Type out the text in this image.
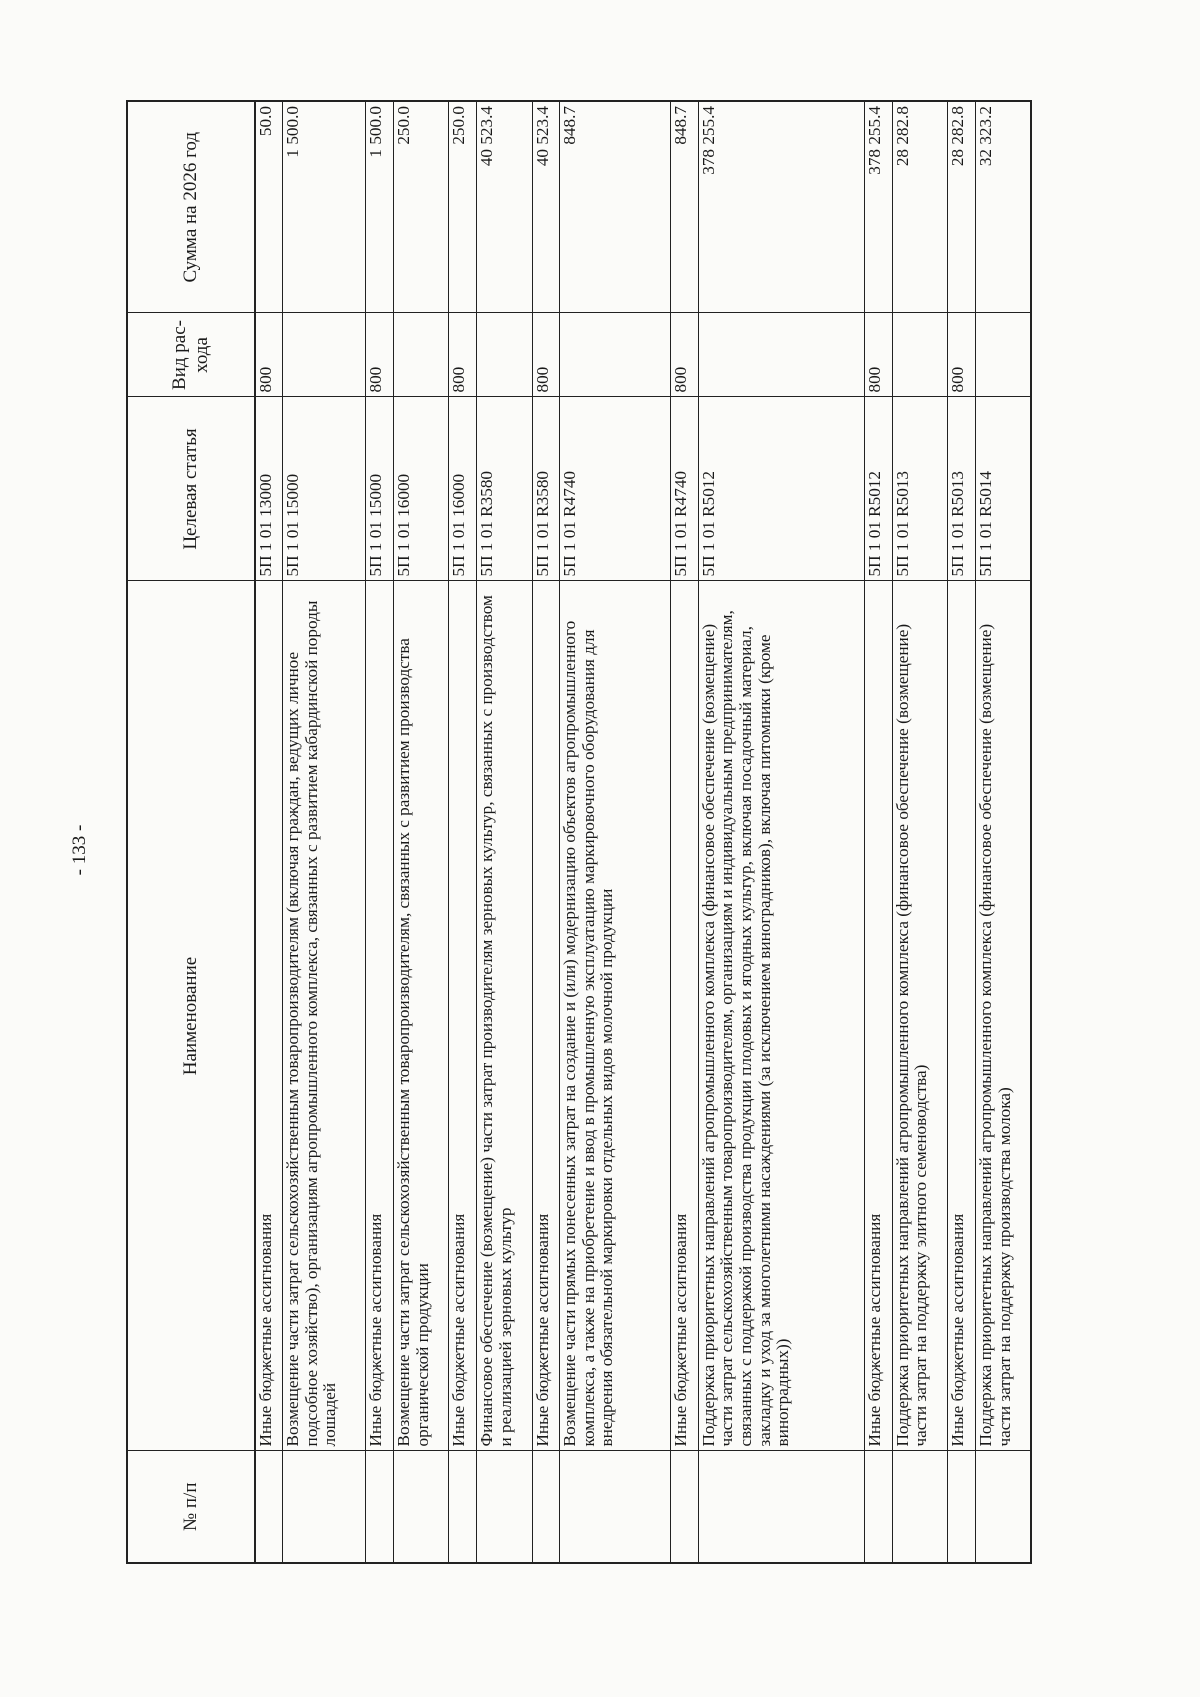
- 133 -
№ п/п	Наименование	Целевая статья	Вид рас- хода	Сумма на 2026 год
	Иные бюджетные ассигнования	5П 1 01 13000	800	50.0
	Возмещение части затрат сельскохозяйственным товаропроизводителям (включая граждан, ведущих личное подсобное хозяйство), организациям агропромышленного комплекса, связанных с развитием кабардинской породы лошадей	5П 1 01 15000		1 500.0
	Иные бюджетные ассигнования	5П 1 01 15000	800	1 500.0
	Возмещение части затрат сельскохозяйственным товаропроизводителям, связанных с развитием производства органической продукции	5П 1 01 16000		250.0
	Иные бюджетные ассигнования	5П 1 01 16000	800	250.0
	Финансовое обеспечение (возмещение) части затрат производителям зерновых культур, связанных с производством и реализацией зерновых культур	5П 1 01 R3580		40 523.4
	Иные бюджетные ассигнования	5П 1 01 R3580	800	40 523.4
	Возмещение части прямых понесенных затрат на создание и (или) модернизацию объектов агропромышленного комплекса, а также на приобретение и ввод в промышленную эксплуатацию маркировочного оборудования для внедрения обязательной маркировки отдельных видов молочной продукции	5П 1 01 R4740		848.7
	Иные бюджетные ассигнования	5П 1 01 R4740	800	848.7
	Поддержка приоритетных направлений агропромышленного комплекса (финансовое обеспечение (возмещение) части затрат сельскохозяйственным товаропроизводителям, организациям и индивидуальным предпринимателям, связанных с поддержкой производства продукции плодовых и ягодных культур, включая посадочный материал, закладку и уход за многолетними насаждениями (за исключением виноградников), включая питомники (кроме виноградных))	5П 1 01 R5012		378 255.4
	Иные бюджетные ассигнования	5П 1 01 R5012	800	378 255.4
	Поддержка приоритетных направлений агропромышленного комплекса (финансовое обеспечение (возмещение) части затрат на поддержку элитного семеноводства)	5П 1 01 R5013		28 282.8
	Иные бюджетные ассигнования	5П 1 01 R5013	800	28 282.8
	Поддержка приоритетных направлений агропромышленного комплекса (финансовое обеспечение (возмещение) части затрат на поддержку производства молока)	5П 1 01 R5014		32 323.2
